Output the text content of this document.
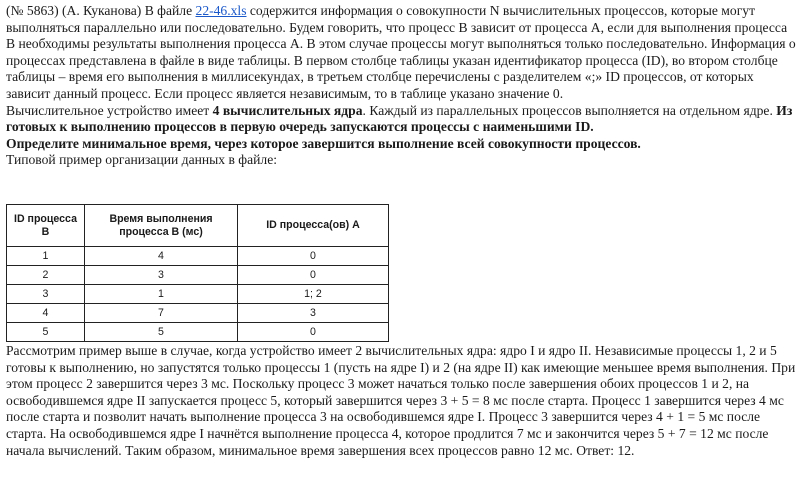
(№ 5863) (А. Куканова) В файле 22-46.xls содержится информация о совокупности N вычислительных процессов, которые могут выполняться параллельно или последовательно. Будем говорить, что процесс B зависит от процесса A, если для выполнения процесса B необходимы результаты выполнения процесса A. В этом случае процессы могут выполняться только последовательно. Информация о процессах представлена в файле в виде таблицы. В первом столбце таблицы указан идентификатор процесса (ID), во втором столбце таблицы – время его выполнения в миллисекундах, в третьем столбце перечислены с разделителем «;» ID процессов, от которых зависит данный процесс. Если процесс является независимым, то в таблице указано значение 0.

Вычислительное устройство имеет 4 вычислительных ядра. Каждый из параллельных процессов выполняется на отдельном ядре. Из готовых к выполнению процессов в первую очередь запускаются процессы с наименьшими ID.

Определите минимальное время, через которое завершится выполнение всей совокупности процессов.

Типовой пример организации данных в файле:

ID процесса B	Время выполнения процесса B (мс)	ID процесса(ов) A
1	4	0
2	3	0
3	1	1; 2
4	7	3
5	5	0

Рассмотрим пример выше в случае, когда устройство имеет 2 вычислительных ядра: ядро I и ядро II. Независимые процессы 1, 2 и 5 готовы к выполнению, но запустятся только процессы 1 (пусть на ядре I) и 2 (на ядре II) как имеющие меньшее время выполнения. При этом процесс 2 завершится через 3 мс. Поскольку процесс 3 может начаться только после завершения обоих процессов 1 и 2, на освободившемся ядре II запускается процесс 5, который завершится через 3 + 5 = 8 мс после старта. Процесс 1 завершится через 4 мс после старта и позволит начать выполнение процесса 3 на освободившемся ядре I. Процесс 3 завершится через 4 + 1 = 5 мс после старта. На освободившемся ядре I начнётся выполнение процесса 4, которое продлится 7 мс и закончится через 5 + 7 = 12 мс после начала вычислений. Таким образом, минимальное время завершения всех процессов равно 12 мс. Ответ: 12.
